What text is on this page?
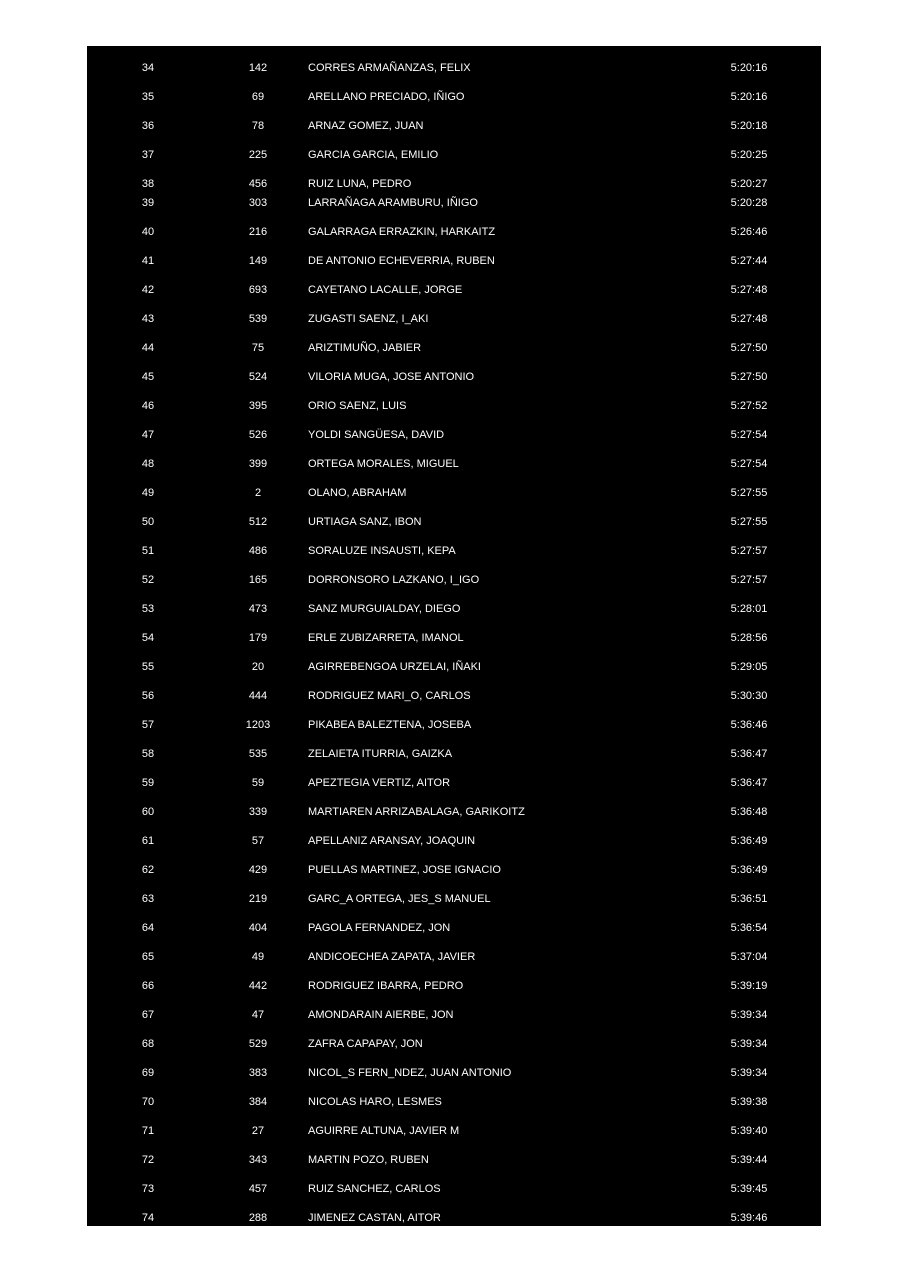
34	142	CORRES ARMAÑANZAS, FELIX	5:20:16
35	69	ARELLANO PRECIADO, IÑIGO	5:20:16
36	78	ARNAZ GOMEZ, JUAN	5:20:18
37	225	GARCIA GARCIA, EMILIO	5:20:25
38	456	RUIZ LUNA, PEDRO	5:20:27
39	303	LARRAÑAGA ARAMBURU, IÑIGO	5:20:28
40	216	GALARRAGA ERRAZKIN, HARKAITZ	5:26:46
41	149	DE ANTONIO ECHEVERRIA, RUBEN	5:27:44
42	693	CAYETANO LACALLE, JORGE	5:27:48
43	539	ZUGASTI SAENZ, I_AKI	5:27:48
44	75	ARIZTIMUÑO, JABIER	5:27:50
45	524	VILORIA MUGA, JOSE ANTONIO	5:27:50
46	395	ORIO SAENZ, LUIS	5:27:52
47	526	YOLDI SANGÜESA, DAVID	5:27:54
48	399	ORTEGA MORALES, MIGUEL	5:27:54
49	2	OLANO, ABRAHAM	5:27:55
50	512	URTIAGA SANZ, IBON	5:27:55
51	486	SORALUZE INSAUSTI, KEPA	5:27:57
52	165	DORRONSORO LAZKANO, I_IGO	5:27:57
53	473	SANZ MURGUIALDAY, DIEGO	5:28:01
54	179	ERLE ZUBIZARRETA, IMANOL	5:28:56
55	20	AGIRREBENGOA URZELAI, IÑAKI	5:29:05
56	444	RODRIGUEZ MARI_O, CARLOS	5:30:30
57	1203	PIKABEA BALEZTENA, JOSEBA	5:36:46
58	535	ZELAIETA ITURRIA, GAIZKA	5:36:47
59	59	APEZTEGIA VERTIZ, AITOR	5:36:47
60	339	MARTIAREN ARRIZABALAGA, GARIKOITZ	5:36:48
61	57	APELLANIZ ARANSAY, JOAQUIN	5:36:49
62	429	PUELLAS MARTINEZ, JOSE IGNACIO	5:36:49
63	219	GARC_A ORTEGA, JES_S MANUEL	5:36:51
64	404	PAGOLA FERNANDEZ, JON	5:36:54
65	49	ANDICOECHEA ZAPATA, JAVIER	5:37:04
66	442	RODRIGUEZ IBARRA, PEDRO	5:39:19
67	47	AMONDARAIN AIERBE, JON	5:39:34
68	529	ZAFRA CAPAPAY, JON	5:39:34
69	383	NICOL_S FERN_NDEZ, JUAN ANTONIO	5:39:34
70	384	NICOLAS HARO, LESMES	5:39:38
71	27	AGUIRRE ALTUNA, JAVIER M	5:39:40
72	343	MARTIN POZO, RUBEN	5:39:44
73	457	RUIZ SANCHEZ, CARLOS	5:39:45
74	288	JIMENEZ CASTAN, AITOR	5:39:46
